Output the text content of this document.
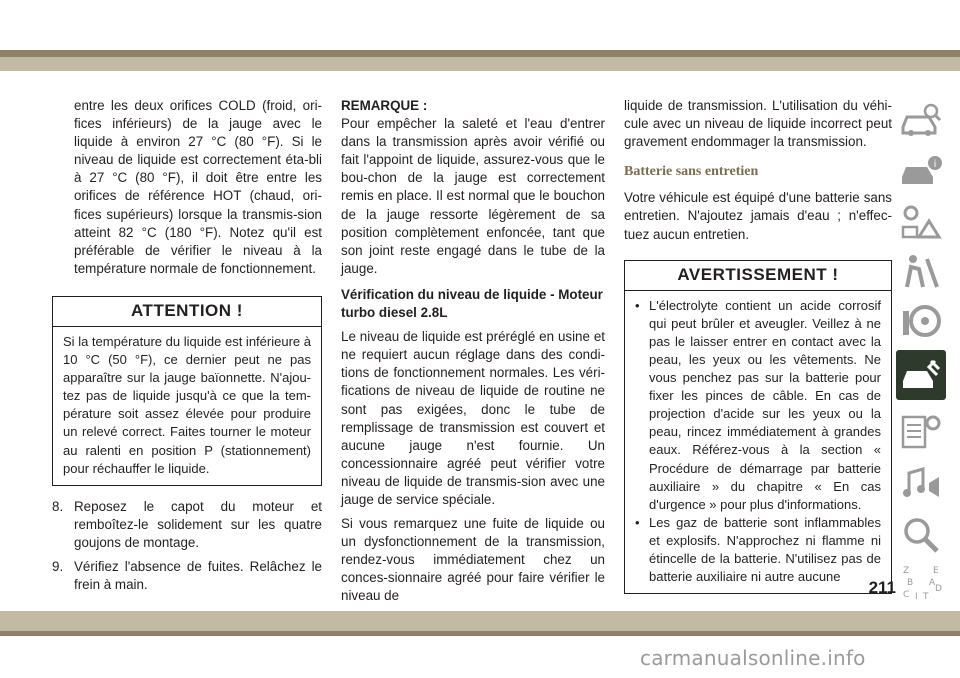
entre les deux orifices COLD (froid, ori-fices inférieurs) de la jauge avec le liquide à environ 27 °C (80 °F). Si le niveau de liquide est correctement éta-bli à 27 °C (80 °F), il doit être entre les orifices de référence HOT (chaud, ori-fices supérieurs) lorsque la transmis-sion atteint 82 °C (180 °F). Notez qu'il est préférable de vérifier le niveau à la température normale de fonctionnement.

ATTENTION !

Si la température du liquide est inférieure à 10 °C (50 °F), ce dernier peut ne pas apparaître sur la jauge baïonnette. N'ajou-tez pas de liquide jusqu'à ce que la tem-pérature soit assez élevée pour produire un relevé correct. Faites tourner le moteur au ralenti en position P (stationnement) pour réchauffer le liquide.

8. Reposez le capot du moteur et remboîtez-le solidement sur les quatre goujons de montage.
9. Vérifiez l'absence de fuites. Relâchez le frein à main.

REMARQUE :

Pour empêcher la saleté et l'eau d'entrer dans la transmission après avoir vérifié ou fait l'appoint de liquide, assurez-vous que le bou-chon de la jauge est correctement remis en place. Il est normal que le bouchon de la jauge ressorte légèrement de sa position complètement enfoncée, tant que son joint reste engagé dans le tube de la jauge.

Vérification du niveau de liquide - Moteur turbo diesel 2.8L

Le niveau de liquide est préréglé en usine et ne requiert aucun réglage dans des condi-tions de fonctionnement normales. Les véri-fications de niveau de liquide de routine ne sont pas exigées, donc le tube de remplissage de transmission est couvert et aucune jauge n'est fournie. Un concessionnaire agréé peut vérifier votre niveau de liquide de transmis-sion avec une jauge de service spéciale.

Si vous remarquez une fuite de liquide ou un dysfonctionnement de la transmission, rendez-vous immédiatement chez un conces-sionnaire agréé pour faire vérifier le niveau de

liquide de transmission. L'utilisation du véhi-cule avec un niveau de liquide incorrect peut gravement endommager la transmission.

Batterie sans entretien

Votre véhicule est équipé d'une batterie sans entretien. N'ajoutez jamais d'eau ; n'effec-tuez aucun entretien.

AVERTISSEMENT !
• L'électrolyte contient un acide corrosif qui peut brûler et aveugler. Veillez à ne pas le laisser entrer en contact avec la peau, les yeux ou les vêtements. Ne vous penchez pas sur la batterie pour fixer les pinces de câble. En cas de projection d'acide sur les yeux ou la peau, rincez immédiatement à grandes eaux. Référez-vous à la section « Procédure de démarrage par batterie auxiliaire » du chapitre « En cas d'urgence » pour plus d'informations.
• Les gaz de batterie sont inflammables et explosifs. N'approchez ni flamme ni étincelle de la batterie. N'utilisez pas de batterie auxiliaire ni autre aucune
i
Z	E
A
B
D
C T
I
211
carmanualsonline.info
